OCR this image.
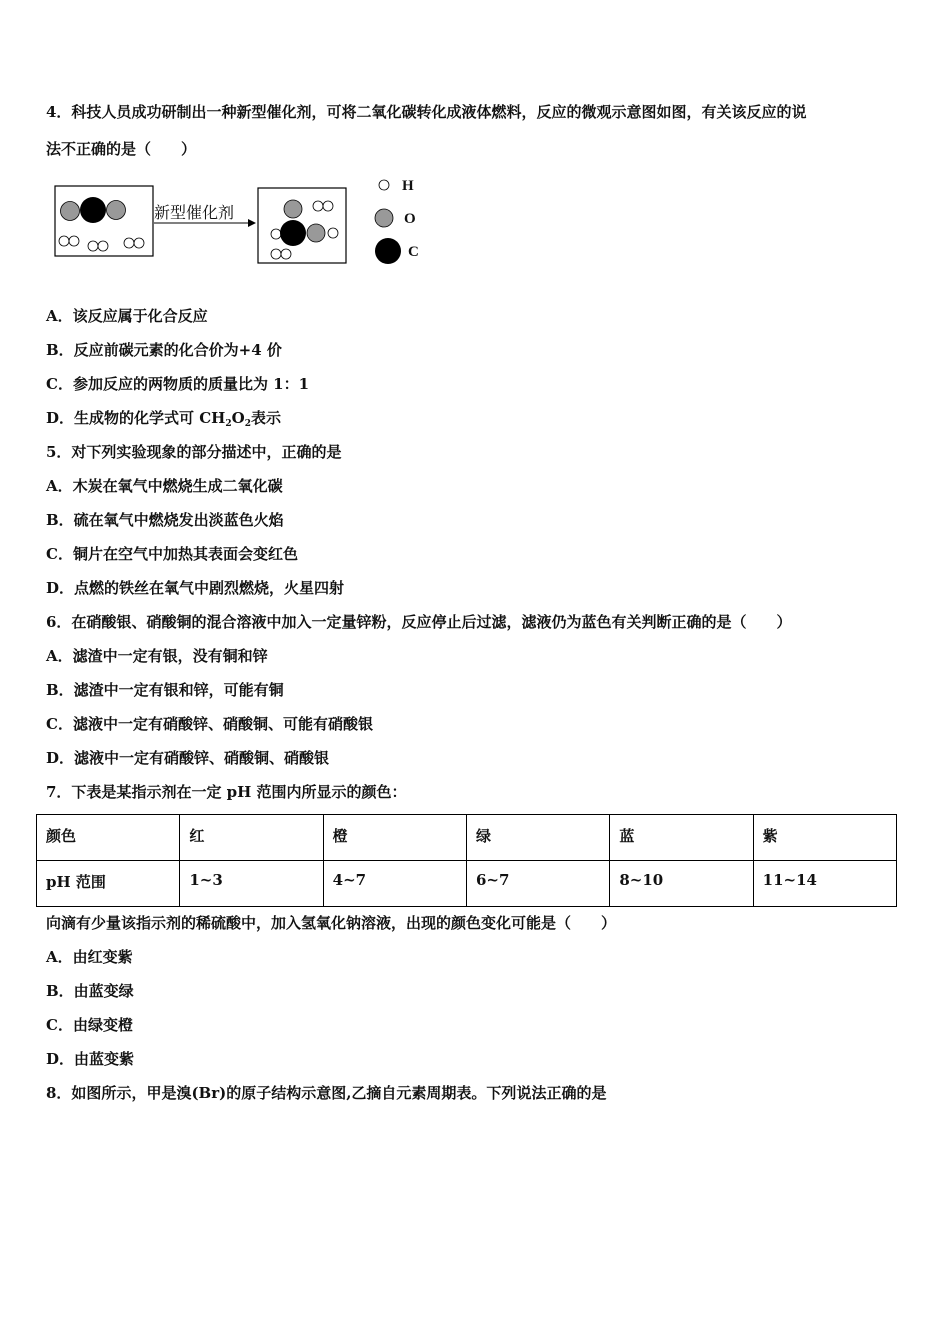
4．科技人员成功研制出一种新型催化剂，可将二氧化碳转化成液体燃料，反应的微观示意图如图，有关该反应的说
法不正确的是（　　）
新型催化剂
H
O
C
A．该反应属于化合反应
B．反应前碳元素的化合价为+4 价
C．参加反应的两物质的质量比为 1：1
D．生成物的化学式可 $CH_2O_2$表示
5．对下列实验现象的部分描述中，正确的是
A．木炭在氧气中燃烧生成二氧化碳
B．硫在氧气中燃烧发出淡蓝色火焰
C．铜片在空气中加热其表面会变红色
D．点燃的铁丝在氧气中剧烈燃烧，火星四射
6．在硝酸银、硝酸铜的混合溶液中加入一定量锌粉，反应停止后过滤，滤液仍为蓝色有关判断正确的是（　　）
A．滤渣中一定有银，没有铜和锌
B．滤渣中一定有银和锌，可能有铜
C．滤液中一定有硝酸锌、硝酸铜、可能有硝酸银
D．滤液中一定有硝酸锌、硝酸铜、硝酸银
7．下表是某指示剂在一定 pH 范围内所显示的颜色：
颜色	红	橙	绿	蓝	紫
pH 范围	1~3	4~7	6~7	8~10	11~14
向滴有少量该指示剂的稀硫酸中，加入氢氧化钠溶液，出现的颜色变化可能是（　　）
A．由红变紫
B．由蓝变绿
C．由绿变橙
D．由蓝变紫
8．如图所示，甲是溴(Br)的原子结构示意图,乙摘自元素周期表。下列说法正确的是
